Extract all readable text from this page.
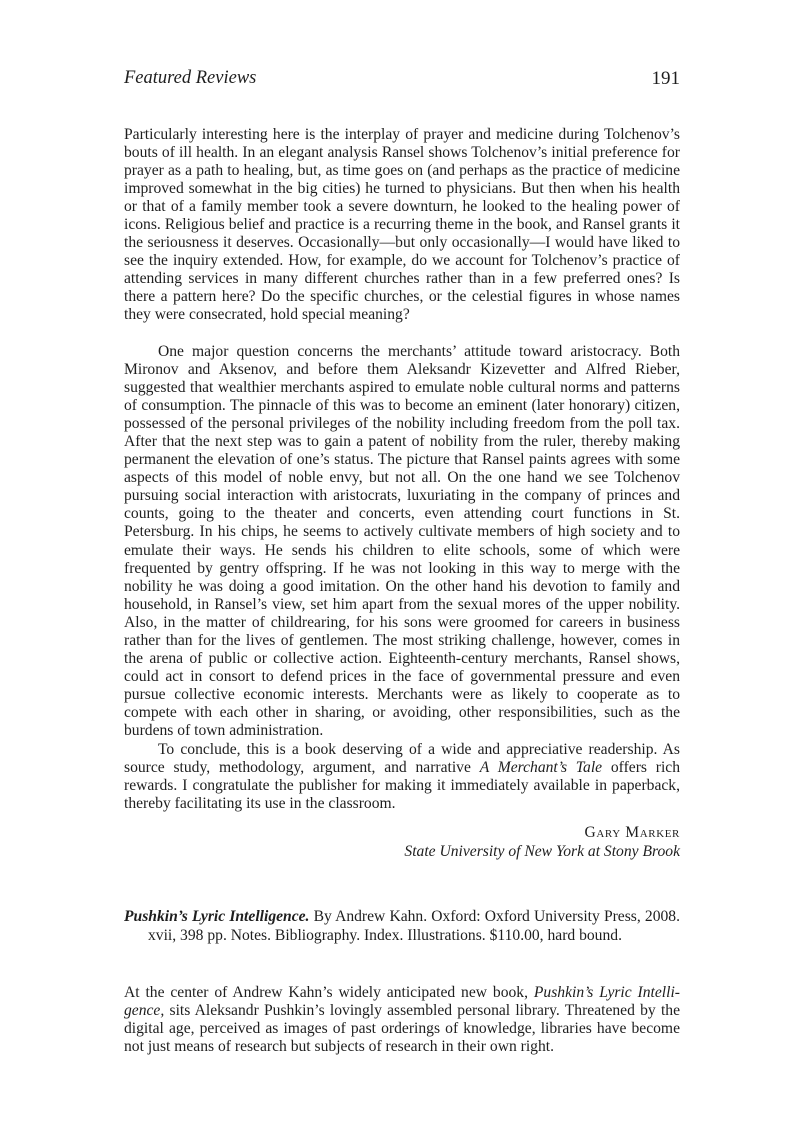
Featured Reviews	191

Particularly interesting here is the interplay of prayer and medicine during Tolchenov’s bouts of ill health. In an elegant analysis Ransel shows Tolchenov’s initial preference for prayer as a path to healing, but, as time goes on (and perhaps as the practice of medicine improved somewhat in the big cities) he turned to physicians. But then when his health or that of a family member took a severe downturn, he looked to the healing power of icons. Religious belief and practice is a recurring theme in the book, and Ransel grants it the seriousness it deserves. Occasionally—but only occasionally—I would have liked to see the inquiry extended. How, for example, do we account for Tolchenov’s practice of attending services in many different churches rather than in a few preferred ones? Is there a pattern here? Do the specific churches, or the celestial figures in whose names they were consecrated, hold special meaning?

One major question concerns the merchants’ attitude toward aristocracy. Both Mironov and Aksenov, and before them Aleksandr Kizevetter and Alfred Rieber, suggested that wealthier merchants aspired to emulate noble cultural norms and patterns of consumption. The pinnacle of this was to become an eminent (later honorary) citizen, possessed of the personal privileges of the nobility including freedom from the poll tax. After that the next step was to gain a patent of nobility from the ruler, thereby making permanent the elevation of one’s status. The picture that Ransel paints agrees with some aspects of this model of noble envy, but not all. On the one hand we see Tolchenov pursuing social interaction with aristocrats, luxuriating in the company of princes and counts, going to the theater and concerts, even attending court functions in St. Petersburg. In his chips, he seems to actively cultivate members of high society and to emulate their ways. He sends his children to elite schools, some of which were frequented by gentry offspring. If he was not looking in this way to merge with the nobility he was doing a good imitation. On the other hand his devotion to family and household, in Ransel’s view, set him apart from the sexual mores of the upper nobility. Also, in the matter of childrearing, for his sons were groomed for careers in business rather than for the lives of gentlemen. The most striking challenge, however, comes in the arena of public or collective action. Eighteenth-century merchants, Ransel shows, could act in consort to defend prices in the face of governmental pressure and even pursue collective economic interests. Merchants were as likely to cooperate as to compete with each other in sharing, or avoiding, other responsibilities, such as the burdens of town administration.

To conclude, this is a book deserving of a wide and appreciative readership. As source study, methodology, argument, and narrative A Merchant’s Tale offers rich rewards. I congratulate the publisher for making it immediately available in paperback, thereby facilitating its use in the classroom.

Gary Marker
State University of New York at Stony Brook

Pushkin’s Lyric Intelligence. By Andrew Kahn. Oxford: Oxford University Press, 2008. xvii, 398 pp. Notes. Bibliography. Index. Illustrations. $110.00, hard bound.

At the center of Andrew Kahn’s widely anticipated new book, Pushkin’s Lyric Intelligence, sits Aleksandr Pushkin’s lovingly assembled personal library. Threatened by the digital age, perceived as images of past orderings of knowledge, libraries have become not just means of research but subjects of research in their own right.
